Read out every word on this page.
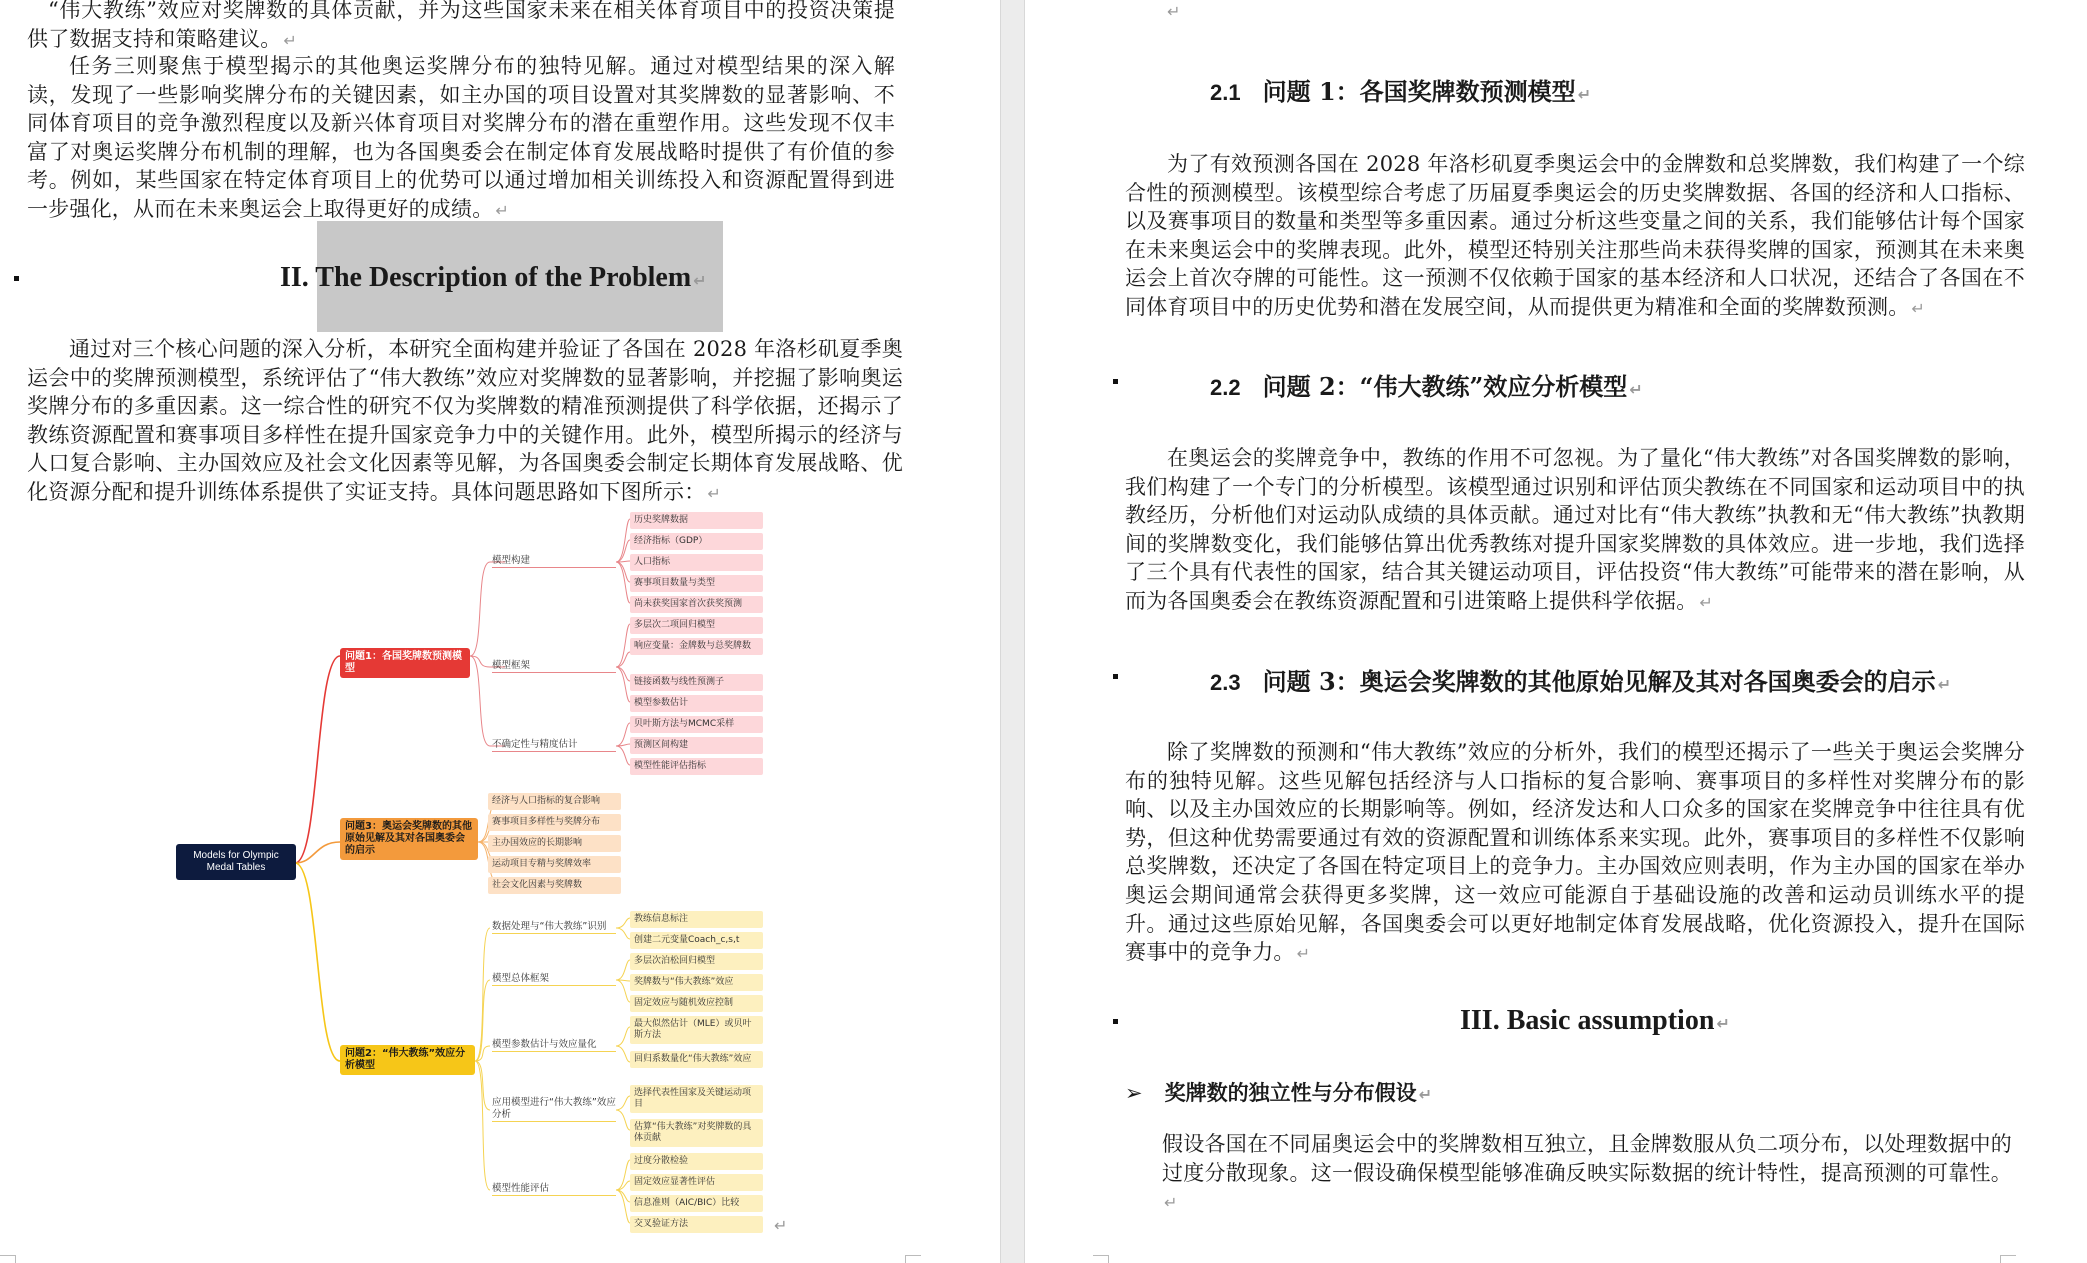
“伟大教练”效应对奖牌数的具体贡献，并为这些国家未来在相关体育项目中的投资决策提供了数据支持和策略建议。 ↵

任务三则聚焦于模型揭示的其他奥运奖牌分布的独特见解。通过对模型结果的深入解读，发现了一些影响奖牌分布的关键因素，如主办国的项目设置对其奖牌数的显著影响、不同体育项目的竞争激烈程度以及新兴体育项目对奖牌分布的潜在重塑作用。这些发现不仅丰富了对奥运奖牌分布机制的理解，也为各国奥委会在制定体育发展战略时提供了有价值的参考。例如，某些国家在特定体育项目上的优势可以通过增加相关训练投入和资源配置得到进一步强化，从而在未来奥运会上取得更好的成绩。 ↵

II. The Description of the Problem ↵

通过对三个核心问题的深入分析，本研究全面构建并验证了各国在 2028 年洛杉矶夏季奥运会中的奖牌预测模型，系统评估了“伟大教练”效应对奖牌数的显著影响，并挖掘了影响奥运奖牌分布的多重因素。这一综合性的研究不仅为奖牌数的精准预测提供了科学依据，还揭示了教练资源配置和赛事项目多样性在提升国家竞争力中的关键作用。此外，模型所揭示的经济与人口复合影响、主办国效应及社会文化因素等见解，为各国奥委会制定长期体育发展战略、优化资源分配和提升训练体系提供了实证支持。具体问题思路如下图所示： ↵

Models for Olympic Medal Tables
问题1：各国奖牌数预测模型
模型构建
模型框架
不确定性与精度估计
历史奖牌数据
经济指标（GDP）
人口指标
赛事项目数量与类型
尚未获奖国家首次获奖预测
多层次二项回归模型
响应变量：金牌数与总奖牌数
链接函数与线性预测子
模型参数估计
贝叶斯方法与MCMC采样
预测区间构建
模型性能评估指标
问题3：奥运会奖牌数的其他原始见解及其对各国奥委会的启示
经济与人口指标的复合影响
赛事项目多样性与奖牌分布
主办国效应的长期影响
运动项目专精与奖牌效率
社会文化因素与奖牌数
问题2：“伟大教练”效应分析模型
数据处理与“伟大教练”识别
模型总体框架
模型参数估计与效应量化
应用模型进行“伟大教练”效应分析
模型性能评估
教练信息标注
创建二元变量Coach_c,s,t
多层次泊松回归模型
奖牌数与“伟大教练”效应
固定效应与随机效应控制
最大似然估计（MLE）或贝叶斯方法
回归系数量化“伟大教练”效应
选择代表性国家及关键运动项目
估算“伟大教练”对奖牌数的具体贡献
过度分散检验
固定效应显著性评估
信息准则（AIC/BIC）比较
交叉验证方法	↵
↵
2.1 问题 1：各国奖牌数预测模型 ↵

为了有效预测各国在 2028 年洛杉矶夏季奥运会中的金牌数和总奖牌数，我们构建了一个综合性的预测模型。该模型综合考虑了历届夏季奥运会的历史奖牌数据、各国的经济和人口指标、以及赛事项目的数量和类型等多重因素。通过分析这些变量之间的关系，我们能够估计每个国家在未来奥运会中的奖牌表现。此外，模型还特别关注那些尚未获得奖牌的国家，预测其在未来奥运会上首次夺牌的可能性。这一预测不仅依赖于国家的基本经济和人口状况，还结合了各国在不同体育项目中的历史优势和潜在发展空间，从而提供更为精准和全面的奖牌数预测。 ↵

2.2 问题 2：“伟大教练”效应分析模型 ↵

在奥运会的奖牌竞争中，教练的作用不可忽视。为了量化“伟大教练”对各国奖牌数的影响，我们构建了一个专门的分析模型。该模型通过识别和评估顶尖教练在不同国家和运动项目中的执教经历，分析他们对运动队成绩的具体贡献。通过对比有“伟大教练”执教和无“伟大教练”执教期间的奖牌数变化，我们能够估算出优秀教练对提升国家奖牌数的具体效应。进一步地，我们选择了三个具有代表性的国家，结合其关键运动项目，评估投资“伟大教练”可能带来的潜在影响，从而为各国奥委会在教练资源配置和引进策略上提供科学依据。 ↵

2.3 问题 3：奥运会奖牌数的其他原始见解及其对各国奥委会的启示 ↵

除了奖牌数的预测和“伟大教练”效应的分析外，我们的模型还揭示了一些关于奥运会奖牌分布的独特见解。这些见解包括经济与人口指标的复合影响、赛事项目的多样性对奖牌分布的影响、以及主办国效应的长期影响等。例如，经济发达和人口众多的国家在奖牌竞争中往往具有优势，但这种优势需要通过有效的资源配置和训练体系来实现。此外，赛事项目的多样性不仅影响总奖牌数，还决定了各国在特定项目上的竞争力。主办国效应则表明，作为主办国的国家在举办奥运会期间通常会获得更多奖牌，这一效应可能源自于基础设施的改善和运动员训练水平的提升。通过这些原始见解，各国奥委会可以更好地制定体育发展战略，优化资源投入，提升在国际赛事中的竞争力。 ↵

III. Basic assumption ↵
➢ 奖牌数的独立性与分布假设 ↵

假设各国在不同届奥运会中的奖牌数相互独立，且金牌数服从负二项分布，以处理数据中的过度分散现象。这一假设确保模型能够准确反映实际数据的统计特性，提高预测的可靠性。↵
